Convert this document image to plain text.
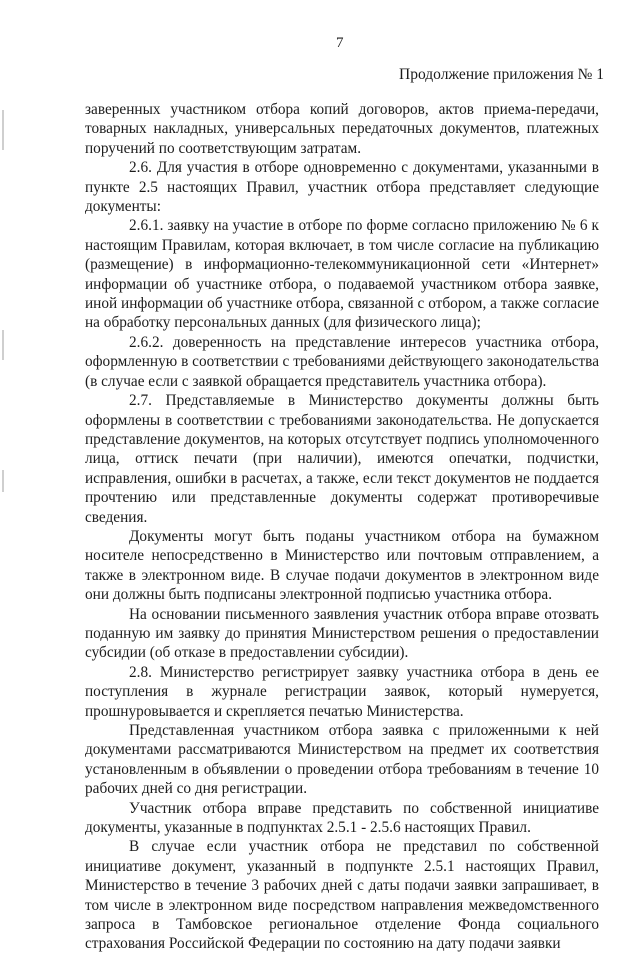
7
Продолжение приложения № 1

заверенных участником отбора копий договоров, актов приема-передачи, товарных накладных, универсальных передаточных документов, платежных поручений по соответствующим затратам.

2.6. Для участия в отборе одновременно с документами, указанными в пункте 2.5 настоящих Правил, участник отбора представляет следующие документы:

2.6.1. заявку на участие в отборе по форме согласно приложению № 6 к настоящим Правилам, которая включает, в том числе согласие на публикацию (размещение) в информационно-телекоммуникационной сети «Интернет» информации об участнике отбора, о подаваемой участником отбора заявке, иной информации об участнике отбора, связанной с отбором, а также согласие на обработку персональных данных (для физического лица);

2.6.2. доверенность на представление интересов участника отбора, оформленную в соответствии с требованиями действующего законодательства (в случае если с заявкой обращается представитель участника отбора).

2.7. Представляемые в Министерство документы должны быть оформлены в соответствии с требованиями законодательства. Не допускается представление документов, на которых отсутствует подпись уполномоченного лица, оттиск печати (при наличии), имеются опечатки, подчистки, исправления, ошибки в расчетах, а также, если текст документов не поддается прочтению или представленные документы содержат противоречивые сведения.

Документы могут быть поданы участником отбора на бумажном носителе непосредственно в Министерство или почтовым отправлением, а также в электронном виде. В случае подачи документов в электронном виде они должны быть подписаны электронной подписью участника отбора.

На основании письменного заявления участник отбора вправе отозвать поданную им заявку до принятия Министерством решения о предоставлении субсидии (об отказе в предоставлении субсидии).

2.8. Министерство регистрирует заявку участника отбора в день ее поступления в журнале регистрации заявок, который нумеруется, прошнуровывается и скрепляется печатью Министерства.

Представленная участником отбора заявка с приложенными к ней документами рассматриваются Министерством на предмет их соответствия установленным в объявлении о проведении отбора требованиям в течение 10 рабочих дней со дня регистрации.

Участник отбора вправе представить по собственной инициативе документы, указанные в подпунктах 2.5.1 - 2.5.6 настоящих Правил.

В случае если участник отбора не представил по собственной инициативе документ, указанный в подпункте 2.5.1 настоящих Правил, Министерство в течение 3 рабочих дней с даты подачи заявки запрашивает, в том числе в электронном виде посредством направления межведомственного запроса в Тамбовское региональное отделение Фонда социального страхования Российской Федерации по состоянию на дату подачи заявки
